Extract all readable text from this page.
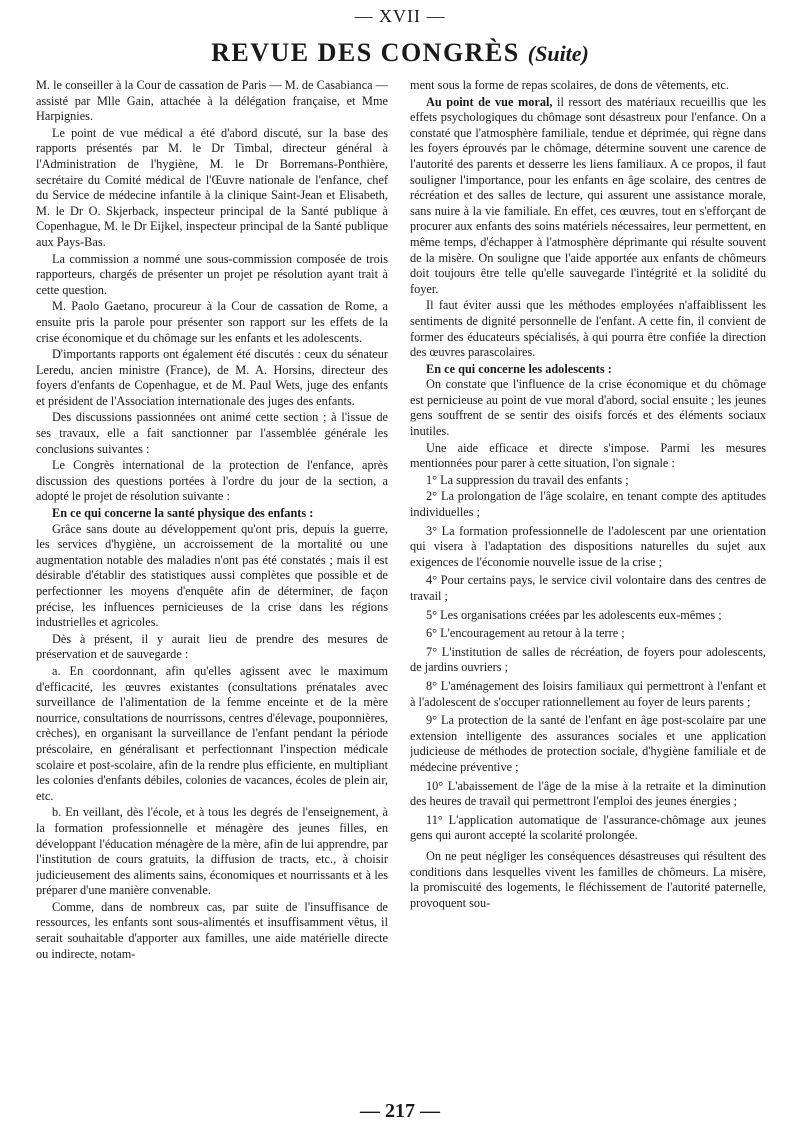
— XVII —
REVUE DES CONGRÈS (Suite)

M. le conseiller à la Cour de cassation de Paris — M. de Casabianca — assisté par Mlle Gain, attachée à la délégation française, et Mme Harpignies.

Le point de vue médical a été d'abord discuté, sur la base des rapports présentés par M. le Dr Timbal, directeur général à l'Administration de l'hygiène, M. le Dr Borremans-Ponthière, secrétaire du Comité médical de l'Œuvre nationale de l'enfance, chef du Service de médecine infantile à la clinique Saint-Jean et Elisabeth, M. le Dr O. Skjerback, inspecteur principal de la Santé publique à Copenhague, M. le Dr Eijkel, inspecteur principal de la Santé publique aux Pays-Bas.

La commission a nommé une sous-commission composée de trois rapporteurs, chargés de présenter un projet pe résolution ayant trait à cette question.

M. Paolo Gaetano, procureur à la Cour de cassation de Rome, a ensuite pris la parole pour présenter son rapport sur les effets de la crise économique et du chômage sur les enfants et les adolescents.

D'importants rapports ont également été discutés : ceux du sénateur Leredu, ancien ministre (France), de M. A. Horsins, directeur des foyers d'enfants de Copenhague, et de M. Paul Wets, juge des enfants et président de l'Association internationale des juges des enfants.

Des discussions passionnées ont animé cette section ; à l'issue de ses travaux, elle a fait sanctionner par l'assemblée générale les conclusions suivantes :

Le Congrès international de la protection de l'enfance, après discussion des questions portées à l'ordre du jour de la section, a adopté le projet de résolution suivante :

En ce qui concerne la santé physique des enfants :

Grâce sans doute au développement qu'ont pris, depuis la guerre, les services d'hygiène, un accroissement de la mortalité ou une augmentation notable des maladies n'ont pas été constatés ; mais il est désirable d'établir des statistiques aussi complètes que possible et de perfectionner les moyens d'enquête afin de déterminer, de façon précise, les influences pernicieuses de la crise dans les régions industrielles et agricoles.

Dès à présent, il y aurait lieu de prendre des mesures de préservation et de sauvegarde :

a. En coordonnant, afin qu'elles agissent avec le maximum d'efficacité, les œuvres existantes (consultations prénatales avec surveillance de l'alimentation de la femme enceinte et de la mère nourrice, consultations de nourrissons, centres d'élevage, pouponnières, crèches), en organisant la surveillance de l'enfant pendant la période préscolaire, en généralisant et perfectionnant l'inspection médicale scolaire et post-scolaire, afin de la rendre plus efficiente, en multipliant les colonies d'enfants débiles, colonies de vacances, écoles de plein air, etc.

b. En veillant, dès l'école, et à tous les degrés de l'enseignement, à la formation professionnelle et ménagère des jeunes filles, en développant l'éducation ménagère de la mère, afin de lui apprendre, par l'institution de cours gratuits, la diffusion de tracts, etc., à choisir judicieusement des aliments sains, économiques et nourrissants et à les préparer d'une manière convenable.

Comme, dans de nombreux cas, par suite de l'insuffisance de ressources, les enfants sont sous-alimentés et insuffisamment vêtus, il serait souhaitable d'apporter aux familles, une aide matérielle directe ou indirecte, notam-

ment sous la forme de repas scolaires, de dons de vêtements, etc.

Au point de vue moral, il ressort des matériaux recueillis que les effets psychologiques du chômage sont désastreux pour l'enfance. On a constaté que l'atmosphère familiale, tendue et déprimée, qui règne dans les foyers éprouvés par le chômage, détermine souvent une carence de l'autorité des parents et desserre les liens familiaux. A ce propos, il faut souligner l'importance, pour les enfants en âge scolaire, des centres de récréation et des salles de lecture, qui assurent une assistance morale, sans nuire à la vie familiale. En effet, ces œuvres, tout en s'efforçant de procurer aux enfants des soins matériels nécessaires, leur permettent, en même temps, d'échapper à l'atmosphère déprimante qui résulte souvent de la misère. On souligne que l'aide apportée aux enfants de chômeurs doit toujours être telle qu'elle sauvegarde l'intégrité et la solidité du foyer.

Il faut éviter aussi que les méthodes employées n'affaiblissent les sentiments de dignité personnelle de l'enfant. A cette fin, il convient de former des éducateurs spécialisés, à qui pourra être confiée la direction des œuvres parascolaires.

En ce qui concerne les adolescents :

On constate que l'influence de la crise économique et du chômage est pernicieuse au point de vue moral d'abord, social ensuite ; les jeunes gens souffrent de se sentir des oisifs forcés et des éléments sociaux inutiles.

Une aide efficace et directe s'impose. Parmi les mesures mentionnées pour parer à cette situation, l'on signale :

1° La suppression du travail des enfants ;

2° La prolongation de l'âge scolaire, en tenant compte des aptitudes individuelles ;

3° La formation professionnelle de l'adolescent par une orientation qui visera à l'adaptation des dispositions naturelles du sujet aux exigences de l'économie nouvelle issue de la crise ;

4° Pour certains pays, le service civil volontaire dans des centres de travail ;

5° Les organisations créées par les adolescents eux-mêmes ;

6° L'encouragement au retour à la terre ;

7° L'institution de salles de récréation, de foyers pour adolescents, de jardins ouvriers ;

8° L'aménagement des loisirs familiaux qui permettront à l'enfant et à l'adolescent de s'occuper rationnellement au foyer de leurs parents ;

9° La protection de la santé de l'enfant en âge post-scolaire par une extension intelligente des assurances sociales et une application judicieuse de méthodes de protection sociale, d'hygiène familiale et de médecine préventive ;

10° L'abaissement de l'âge de la mise à la retraite et la diminution des heures de travail qui permettront l'emploi des jeunes énergies ;

11° L'application automatique de l'assurance-chômage aux jeunes gens qui auront accepté la scolarité prolongée.

On ne peut négliger les conséquences désastreuses qui résultent des conditions dans lesquelles vivent les familles de chômeurs. La misère, la promiscuité des logements, le fléchissement de l'autorité paternelle, provoquent sou-

— 217 —
